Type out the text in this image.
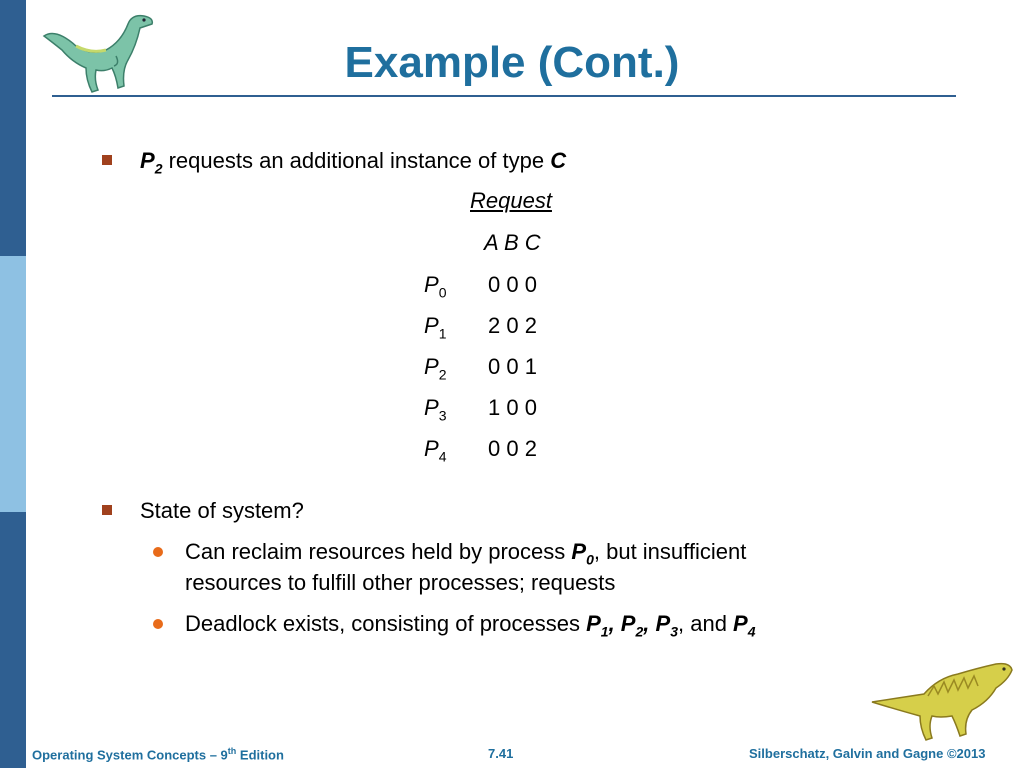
Example (Cont.)
$P_2$ requests an additional instance of type C
Request
A B C
$P_0$ 0 0 0
$P_1$ 2 0 2
$P_2$ 0 0 1
$P_3$ 1 0 0
$P_4$ 0 0 2
State of system?
Can reclaim resources held by process $P_0$, but insufficient
resources to fulfill other processes; requests
Deadlock exists, consisting of processes $P_1$, $P_2$, $P_3$, and $P_4$
Operating System Concepts – 9th Edition	7.41	Silberschatz, Galvin and Gagne ©2013
